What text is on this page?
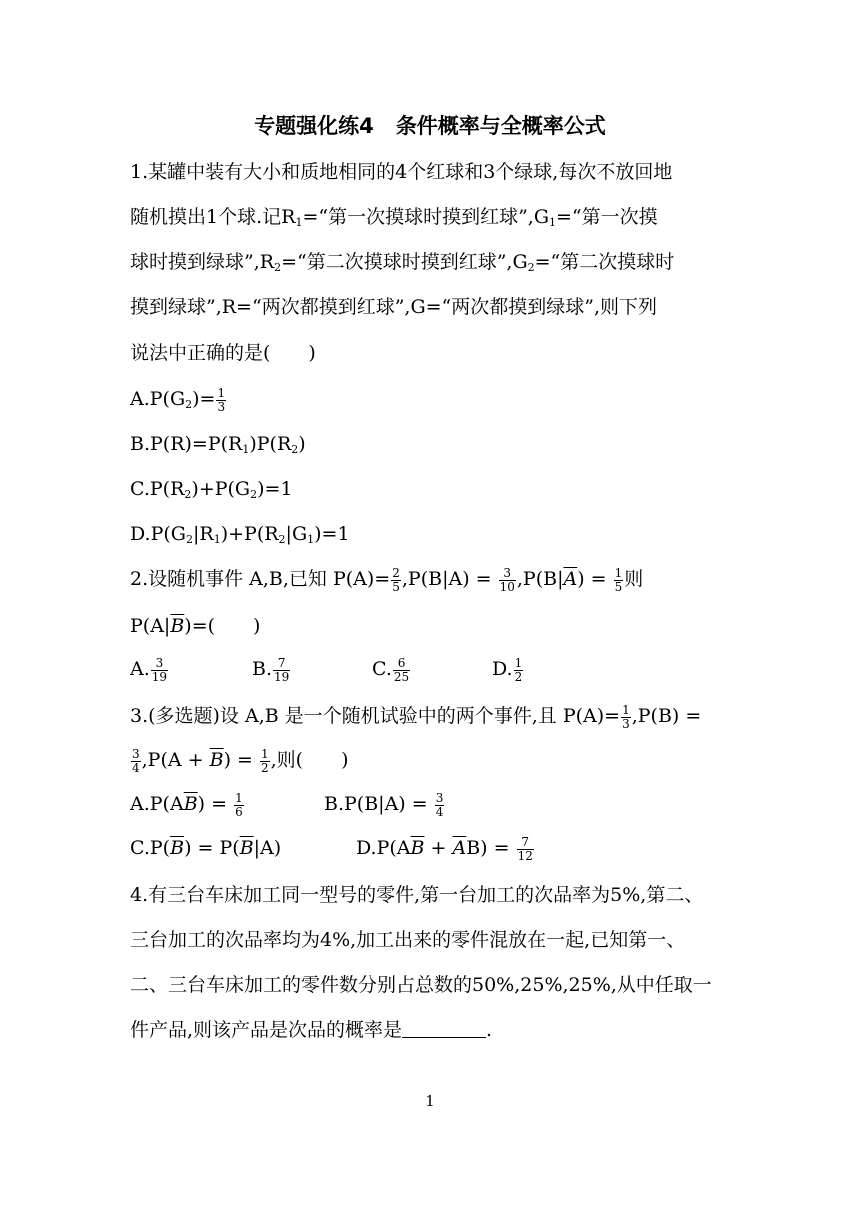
专题强化练4 条件概率与全概率公式
1.某罐中装有大小和质地相同的4个红球和3个绿球,每次不放回地
随机摸出1个球.记$R_1=“$第一次摸球时摸到红球$”,G_1=“$第一次摸
球时摸到绿球$”,R_2=“$第二次摸球时摸到红球$”,G_2=“$第二次摸球时
摸到绿球”,R=“两次都摸到红球”,G=“两次都摸到绿球”,则下列
说法中正确的是(　　)
$A.P(G_2)= \frac{1}{3}$
$B.P(R)=P(R_1)P(R_2)$
$C.P(R_2)+P(G_2)=1$
$D.P(G_2|R_1)+P(R_2|G_1)=1$
2.设随机事件 A,B,已知 $P(A)= \frac{2}{5} ,P(B|A) = \frac{3}{10} ,P(B|\overline{A}) = \frac{1}{5}$ 则
$P(A|\overline{B})=$(　　)
A. $\frac{3}{19}$	B. $\frac{7}{19}$	C. $\frac{6}{25}$	D. $\frac{1}{2}$
3.(多选题)设 A,B 是一个随机试验中的两个事件,且 $P(A)= \frac{1}{3} ,P(B)$ =
$\frac{3}{4} ,P(A + \overline{B}) = \frac{1}{2}$ ,则(　　)
$A.P(A\overline{B}) = \frac{1}{6}$	$B.P(B|A) = \frac{3}{4}$
$C.P(\overline{B}) = P(\overline{B}|A)$	$D.P(A\overline{B} + \overline{A}B) = \frac{7}{12}$
4.有三台车床加工同一型号的零件,第一台加工的次品率为5%,第二、
三台加工的次品率均为4%,加工出来的零件混放在一起,已知第一、
二、三台车床加工的零件数分别占总数的50%,25%,25%,从中任取一
件产品,则该产品是次品的概率是	.
1
